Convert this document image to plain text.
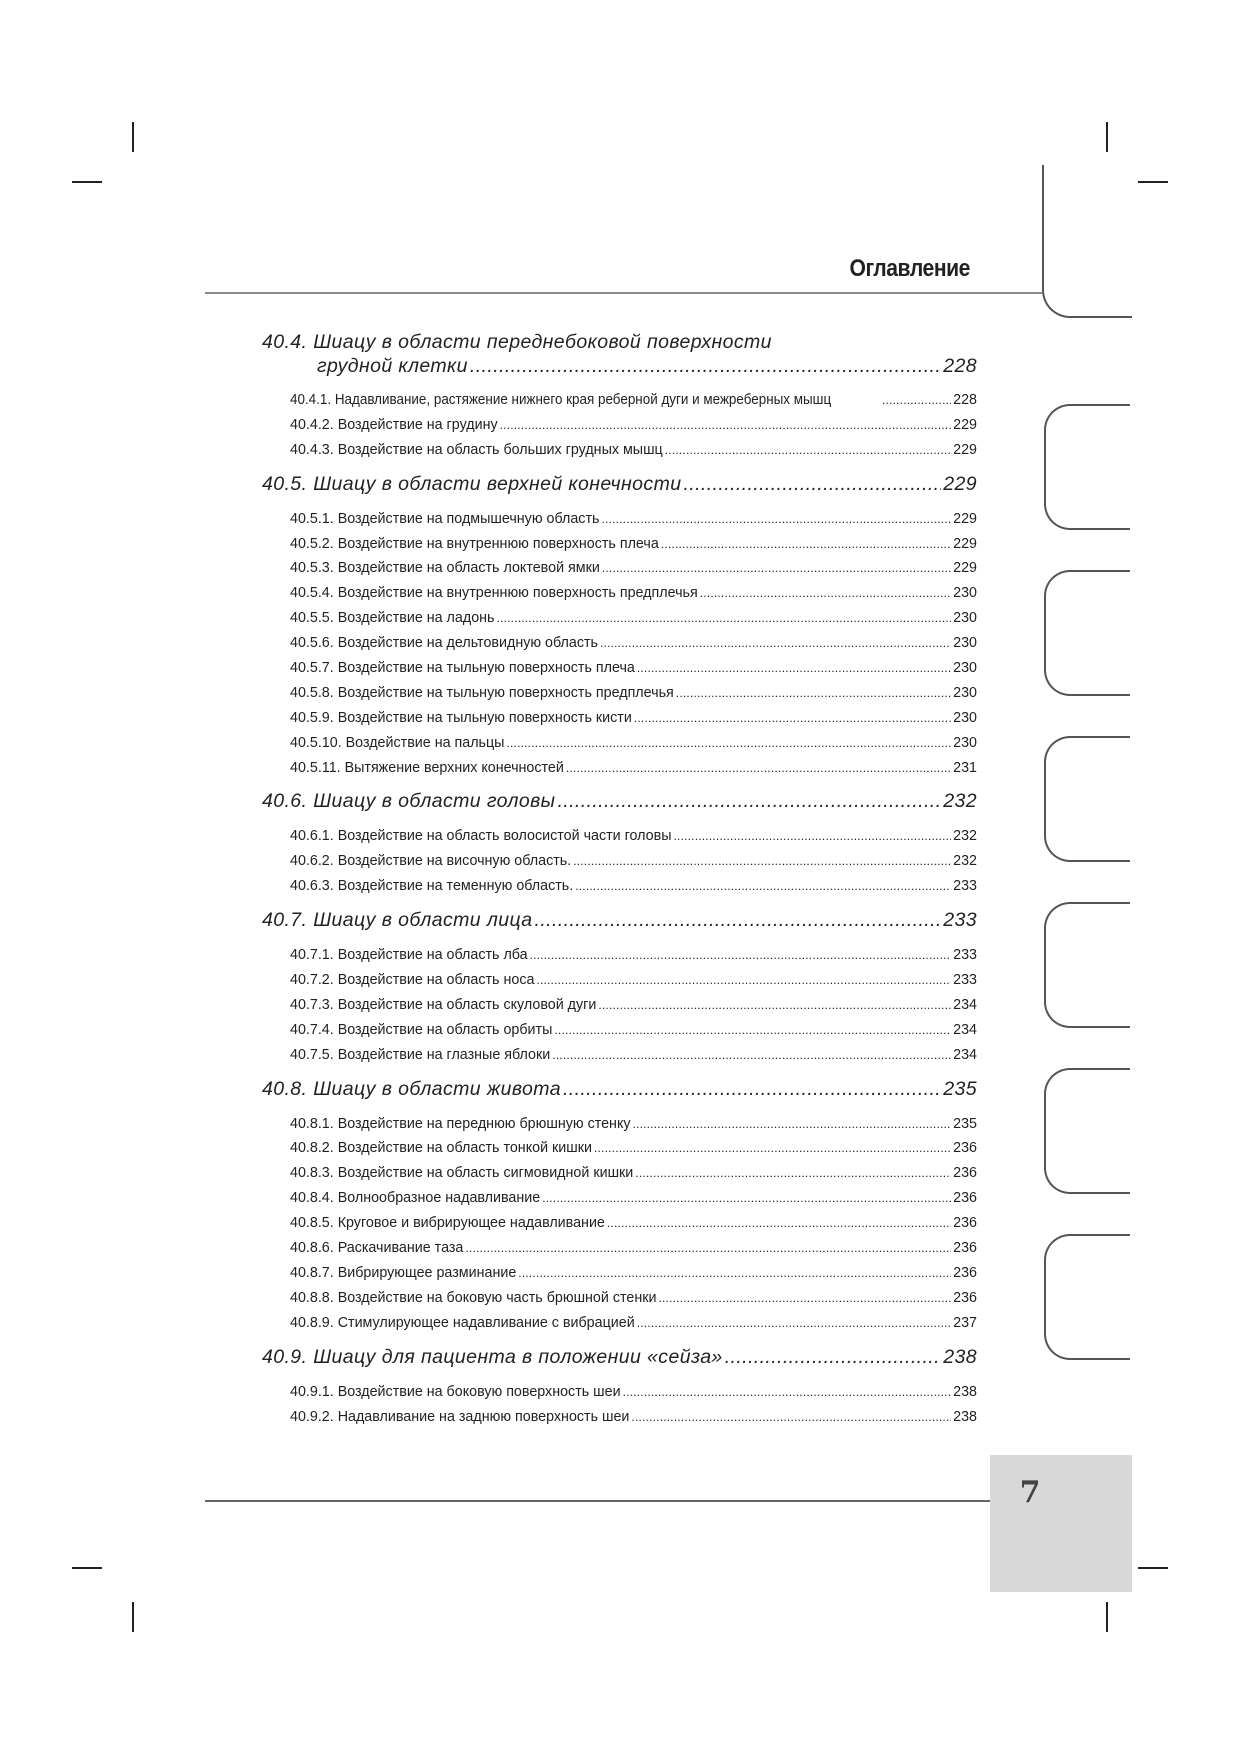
Оглавление
40.4. Шиацу в области переднебоковой поверхности
грудной клетки .....	228
40.4.1. Надавливание, растяжение нижнего края реберной дуги и межреберных мышц .....	228
40.4.2. Воздействие на грудину .....	229
40.4.3. Воздействие на область больших грудных мышц .....	229
40.5. Шиацу в области верхней конечности .....	229
40.5.1. Воздействие на подмышечную область .....	229
40.5.2. Воздействие на внутреннюю поверхность плеча .....	229
40.5.3. Воздействие на область локтевой ямки .....	229
40.5.4. Воздействие на внутреннюю поверхность предплечья .....	230
40.5.5. Воздействие на ладонь .....	230
40.5.6. Воздействие на дельтовидную область .....	230
40.5.7. Воздействие на тыльную поверхность плеча .....	230
40.5.8. Воздействие на тыльную поверхность предплечья .....	230
40.5.9. Воздействие на тыльную поверхность кисти .....	230
40.5.10. Воздействие на пальцы .....	230
40.5.11. Вытяжение верхних конечностей .....	231
40.6. Шиацу в области головы .....	232
40.6.1. Воздействие на область волосистой части головы .....	232
40.6.2. Воздействие на височную область. .....	232
40.6.3. Воздействие на теменную область. .....	233
40.7. Шиацу в области лица .....	233
40.7.1. Воздействие на область лба .....	233
40.7.2. Воздействие на область носа .....	233
40.7.3. Воздействие на область скуловой дуги .....	234
40.7.4. Воздействие на область орбиты .....	234
40.7.5. Воздействие на глазные яблоки .....	234
40.8. Шиацу в области живота .....	235
40.8.1. Воздействие на переднюю брюшную стенку .....	235
40.8.2. Воздействие на область тонкой кишки .....	236
40.8.3. Воздействие на область сигмовидной кишки .....	236
40.8.4. Волнообразное надавливание .....	236
40.8.5. Круговое и вибрирующее надавливание .....	236
40.8.6. Раскачивание таза .....	236
40.8.7. Вибрирующее разминание .....	236
40.8.8. Воздействие на боковую часть брюшной стенки .....	236
40.8.9. Стимулирующее надавливание с вибрацией .....	237
40.9. Шиацу для пациента в положении «сейза» .....	238
40.9.1. Воздействие на боковую поверхность шеи .....	238
40.9.2. Надавливание на заднюю поверхность шеи .....	238
7
